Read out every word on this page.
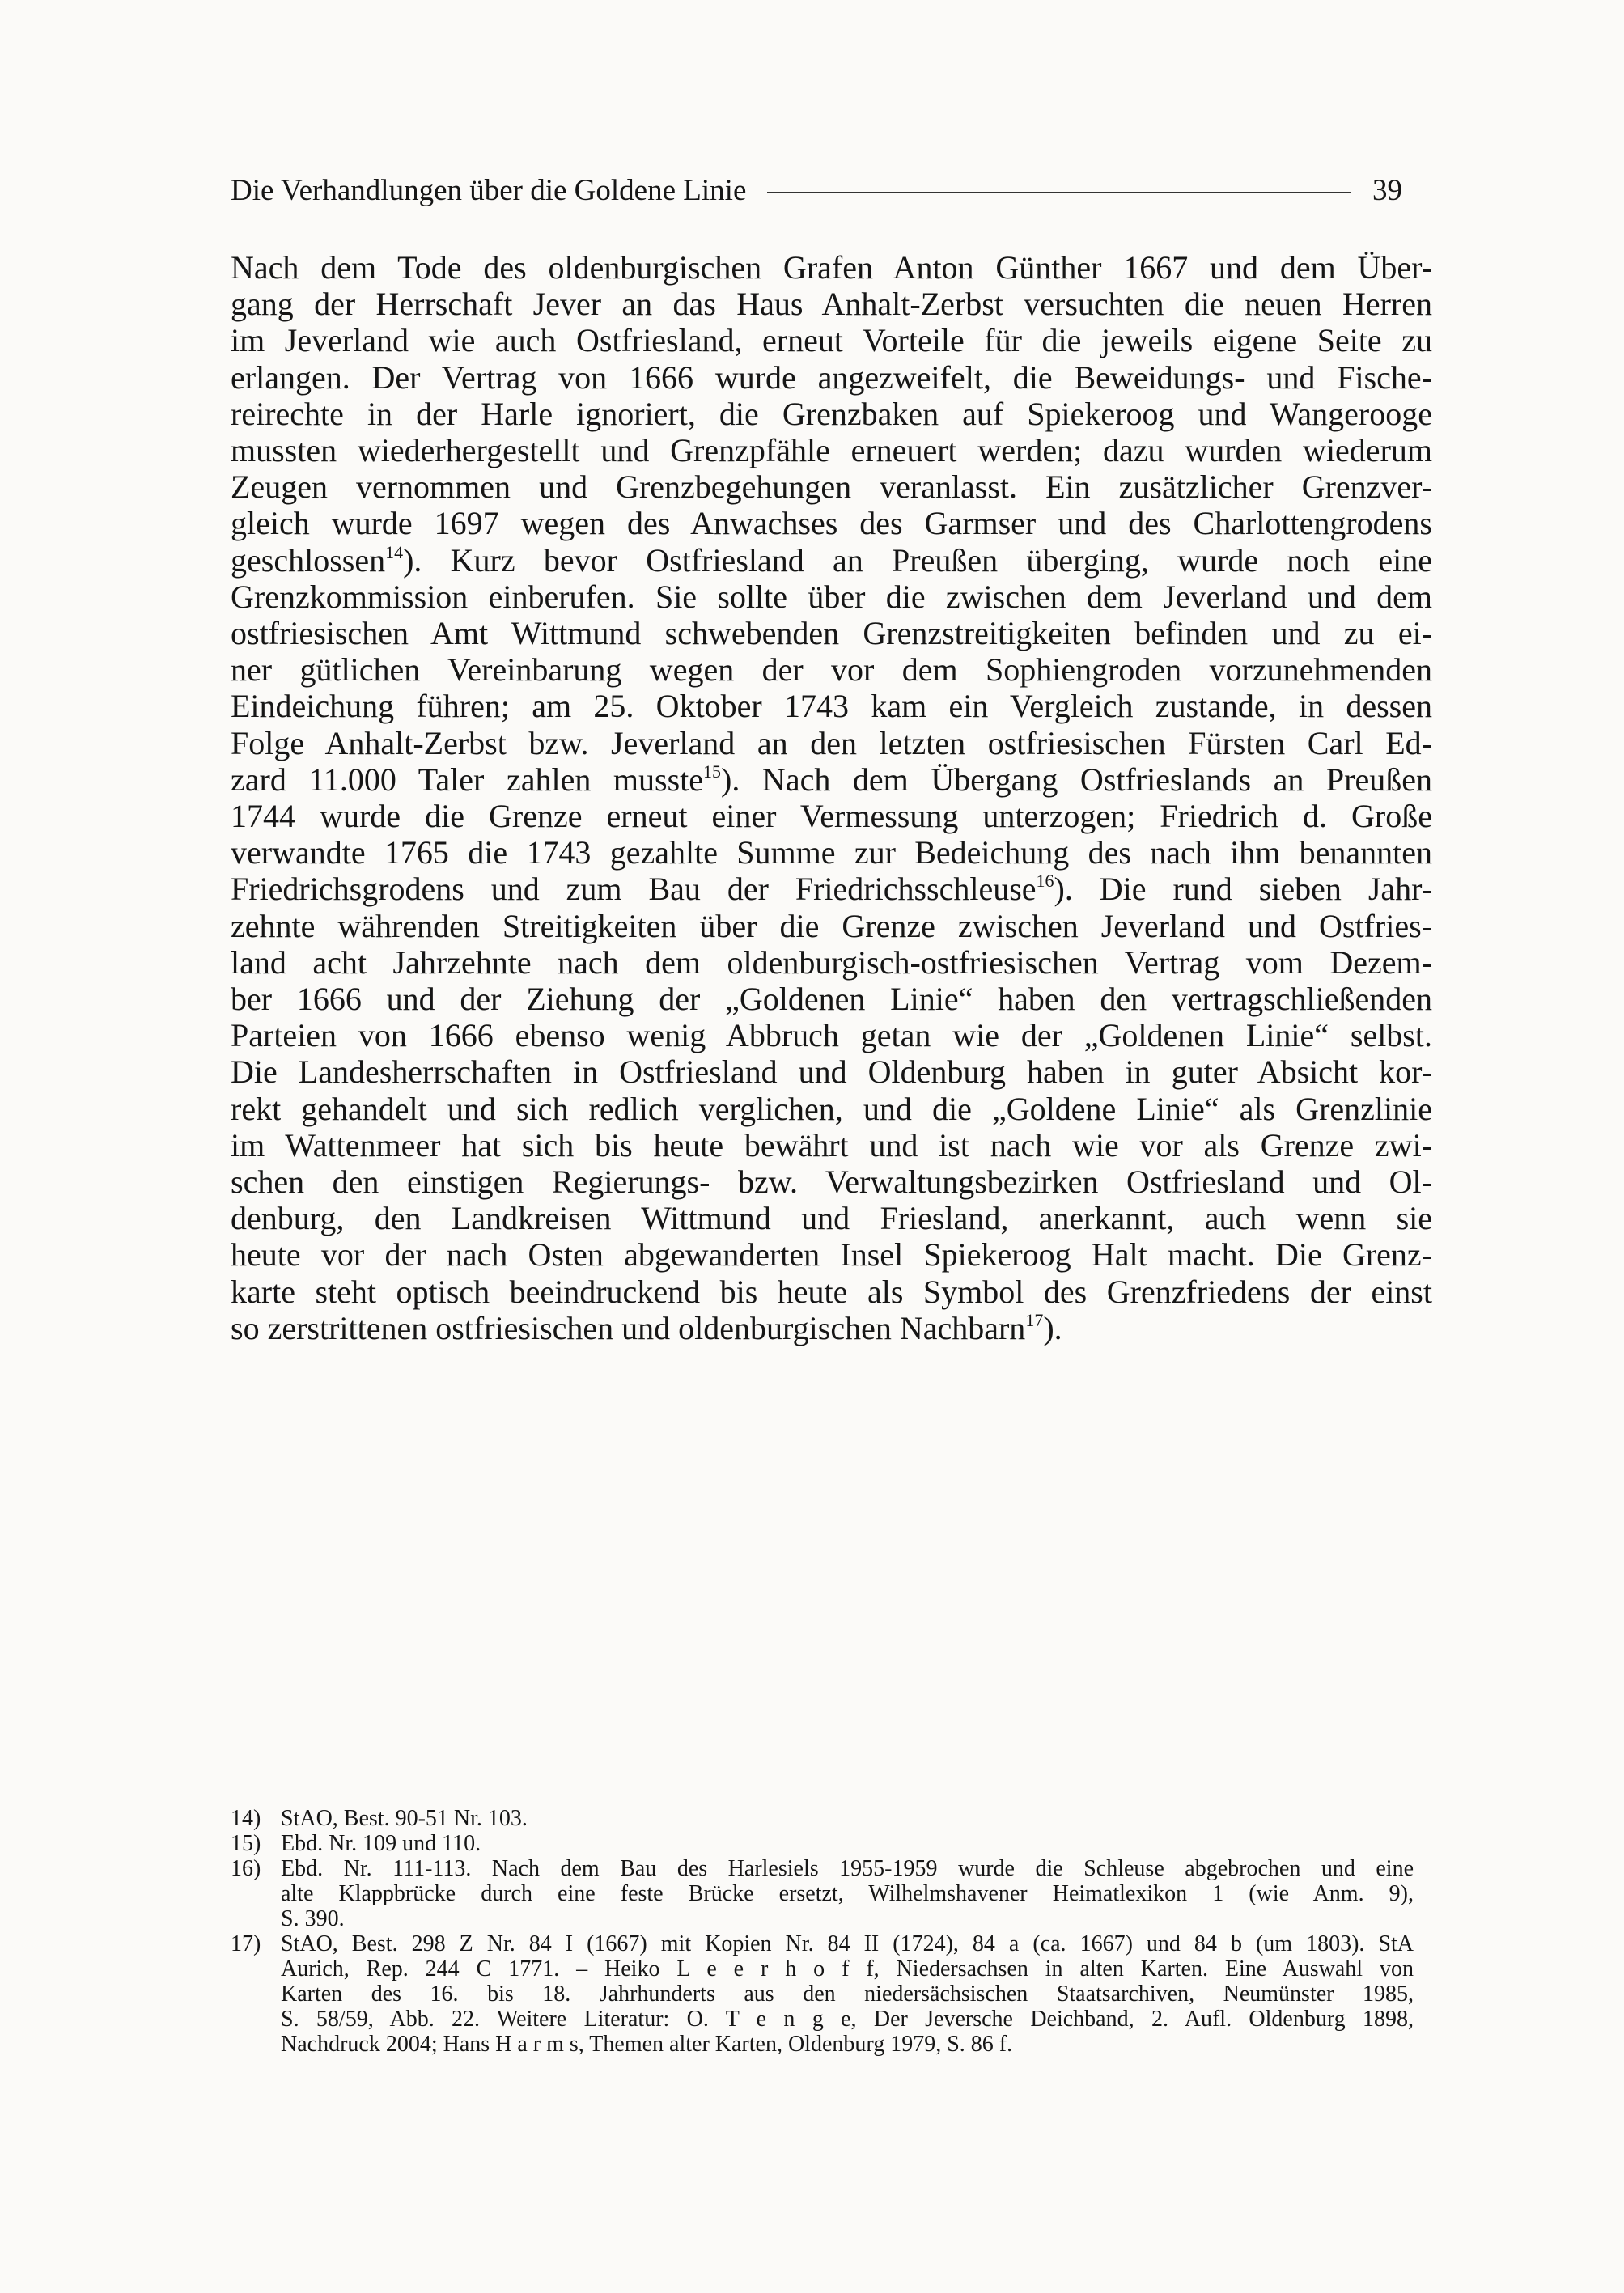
Die Verhandlungen über die Goldene Linie	39
Nach dem Tode des oldenburgischen Grafen Anton Günther 1667 und dem Über-
gang der Herrschaft Jever an das Haus Anhalt-Zerbst versuchten die neuen Herren
im Jeverland wie auch Ostfriesland, erneut Vorteile für die jeweils eigene Seite zu
erlangen. Der Vertrag von 1666 wurde angezweifelt, die Beweidungs- und Fische-
reirechte in der Harle ignoriert, die Grenzbaken auf Spiekeroog und Wangerooge
mussten wiederhergestellt und Grenzpfähle erneuert werden; dazu wurden wiederum
Zeugen vernommen und Grenzbegehungen veranlasst. Ein zusätzlicher Grenzver-
gleich wurde 1697 wegen des Anwachses des Garmser und des Charlottengrodens
geschlossen$^{14}$). Kurz bevor Ostfriesland an Preußen überging, wurde noch eine
Grenzkommission einberufen. Sie sollte über die zwischen dem Jeverland und dem
ostfriesischen Amt Wittmund schwebenden Grenzstreitigkeiten befinden und zu ei-
ner gütlichen Vereinbarung wegen der vor dem Sophiengroden vorzunehmenden
Eindeichung führen; am 25. Oktober 1743 kam ein Vergleich zustande, in dessen
Folge Anhalt-Zerbst bzw. Jeverland an den letzten ostfriesischen Fürsten Carl Ed-
zard 11.000 Taler zahlen musste$^{15}$). Nach dem Übergang Ostfrieslands an Preußen
1744 wurde die Grenze erneut einer Vermessung unterzogen; Friedrich d. Große
verwandte 1765 die 1743 gezahlte Summe zur Bedeichung des nach ihm benannten
Friedrichsgrodens und zum Bau der Friedrichsschleuse$^{16}$). Die rund sieben Jahr-
zehnte währenden Streitigkeiten über die Grenze zwischen Jeverland und Ostfries-
land acht Jahrzehnte nach dem oldenburgisch-ostfriesischen Vertrag vom Dezem-
ber 1666 und der Ziehung der „Goldenen Linie“ haben den vertragschließenden
Parteien von 1666 ebenso wenig Abbruch getan wie der „Goldenen Linie“ selbst.
Die Landesherrschaften in Ostfriesland und Oldenburg haben in guter Absicht kor-
rekt gehandelt und sich redlich verglichen, und die „Goldene Linie“ als Grenzlinie
im Wattenmeer hat sich bis heute bewährt und ist nach wie vor als Grenze zwi-
schen den einstigen Regierungs- bzw. Verwaltungsbezirken Ostfriesland und Ol-
denburg, den Landkreisen Wittmund und Friesland, anerkannt, auch wenn sie
heute vor der nach Osten abgewanderten Insel Spiekeroog Halt macht. Die Grenz-
karte steht optisch beeindruckend bis heute als Symbol des Grenzfriedens der einst
so zerstrittenen ostfriesischen und oldenburgischen Nachbarn$^{17}$).
14) StAO, Best. 90-51 Nr. 103.
15) Ebd. Nr. 109 und 110.
16) Ebd. Nr. 111-113. Nach dem Bau des Harlesiels 1955-1959 wurde die Schleuse abgebrochen und eine
alte Klappbrücke durch eine feste Brücke ersetzt, Wilhelmshavener Heimatlexikon 1 (wie Anm. 9),
S. 390.
17) StAO, Best. 298 Z Nr. 84 I (1667) mit Kopien Nr. 84 II (1724), 84 a (ca. 1667) und 84 b (um 1803). StA
Aurich, Rep. 244 C 1771. – Heiko L e e r h o f f, Niedersachsen in alten Karten. Eine Auswahl von
Karten des 16. bis 18. Jahrhunderts aus den niedersächsischen Staatsarchiven, Neumünster 1985,
S. 58/59, Abb. 22. Weitere Literatur: O. T e n g e, Der Jeversche Deichband, 2. Aufl. Oldenburg 1898,
Nachdruck 2004; Hans H a r m s, Themen alter Karten, Oldenburg 1979, S. 86 f.
